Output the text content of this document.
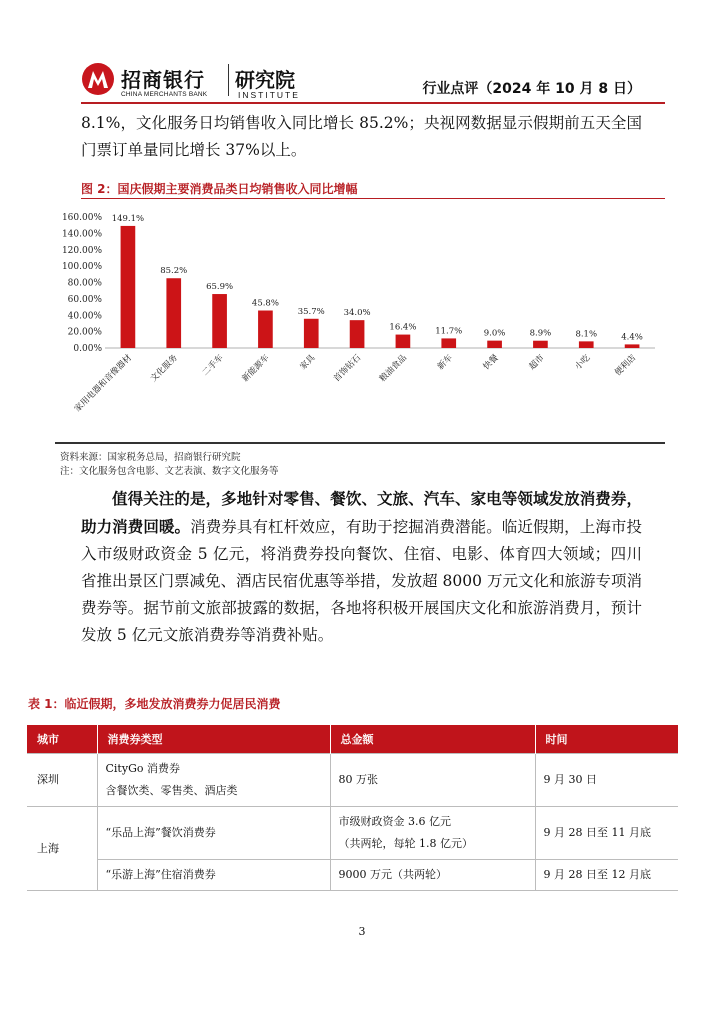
招商银行
CHINA MERCHANTS BANK
研究院
INSTITUTE	行业点评（2024 年 10 月 8 日）

8.1%，文化服务日均销售收入同比增长 85.2%；央视网数据显示假期前五天全国门票订单量同比增长 37%以上。

图 2：国庆假期主要消费品类日均销售收入同比增幅
0.00%
20.00%
40.00%
60.00%
80.00%
100.00%
120.00%
140.00%
160.00% 149.1%
家用电器和音像器材
85.2%
文化服务
65.9%
二手车
45.8%
新能源车
35.7%
家具
34.0%
首饰钻石
16.4%
粮油食品
11.7%
新车
9.0%
快餐
8.9%
超市
8.1%
小吃
4.4%
便利店
资料来源：国家税务总局，招商银行研究院
注：文化服务包含电影、文艺表演、数字文化服务等

值得关注的是，多地针对零售、餐饮、文旅、汽车、家电等领域发放消费券，助力消费回暖。消费券具有杠杆效应，有助于挖掘消费潜能。临近假期，上海市投入市级财政资金 5 亿元，将消费券投向餐饮、住宿、电影、体育四大领域；四川省推出景区门票减免、酒店民宿优惠等举措，发放超 8000 万元文化和旅游专项消费券等。据节前文旅部披露的数据，各地将积极开展国庆文化和旅游消费月，预计发放 5 亿元文旅消费券等消费补贴。

表 1：临近假期，多地发放消费券力促居民消费
城市	消费券类型	总金额	时间
深圳	CityGo 消费券
含餐饮类、零售类、酒店类	80 万张	9 月 30 日
上海	“乐品上海”餐饮消费券	市级财政资金 3.6 亿元
（共两轮，每轮 1.8 亿元）	9 月 28 日至 11 月底
	“乐游上海”住宿消费券	9000 万元（共两轮）	9 月 28 日至 12 月底
3
